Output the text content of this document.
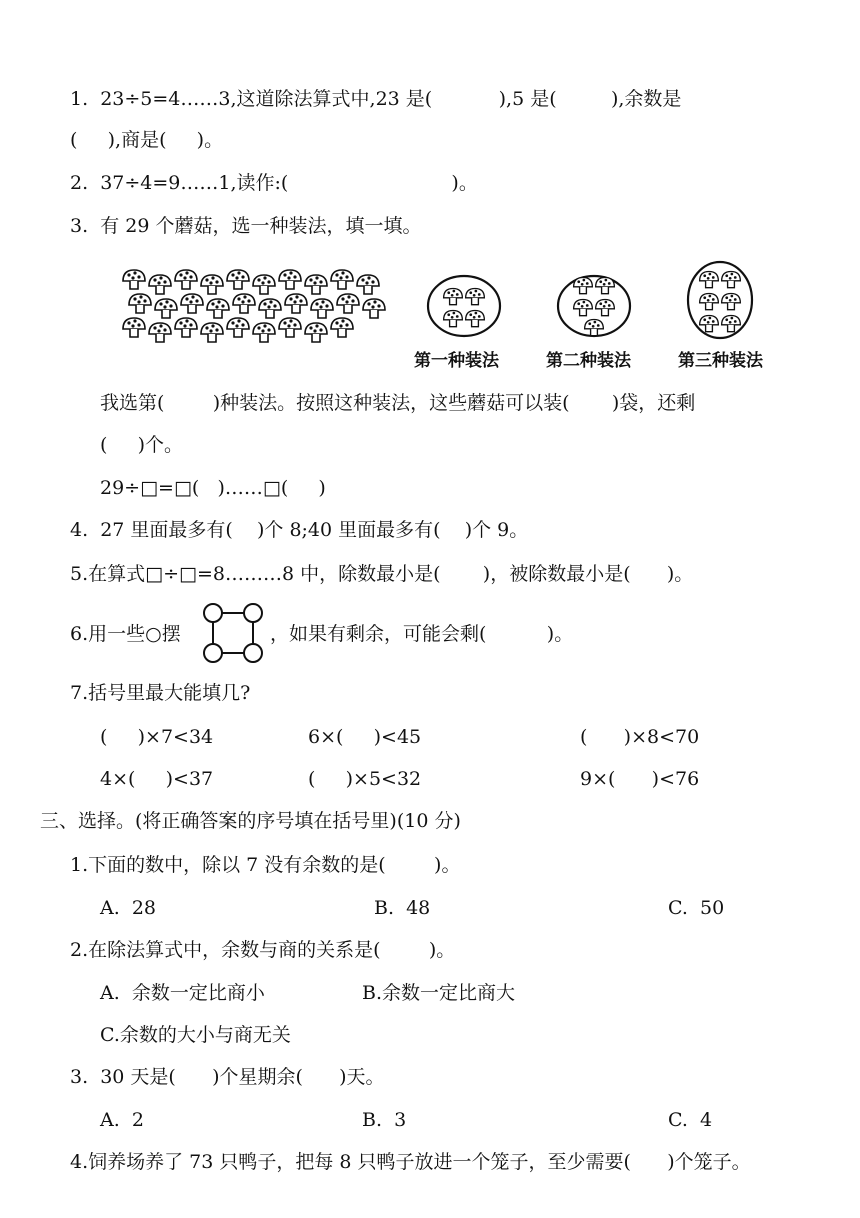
1.  23÷5=4……3,这道除法算式中,23 是(           ),5 是(         ),余数是
(     ),商是(     )。
2.  37÷4=9……1,读作:(                           )。
3.  有 29 个蘑菇，选一种装法，填一填。
第一种装法	第二种装法	第三种装法
我选第(        )种装法。按照这种装法，这些蘑菇可以装(       )袋，还剩
(     )个。
29÷□=□(   )……□(     )
4.  27 里面最多有(    )个 8;40 里面最多有(    )个 9。
5.在算式□÷□=8………8 中，除数最小是(       )，被除数最小是(      )。
6.用一些○摆	，如果有剩余，可能会剩(          )。
7.括号里最大能填几?
(     )×7<34	6×(     )<45	(      )×8<70
4×(     )<37	(     )×5<32	9×(      )<76
三、选择。(将正确答案的序号填在括号里)(10 分)
1.下面的数中，除以 7 没有余数的是(        )。
A.  28	B.  48	C.  50
2.在除法算式中，余数与商的关系是(        )。
A.  余数一定比商小	B.余数一定比商大
C.余数的大小与商无关
3.  30 天是(      )个星期余(      )天。
A.  2	B.  3	C.  4
4.饲养场养了 73 只鸭子，把每 8 只鸭子放进一个笼子，至少需要(      )个笼子。
